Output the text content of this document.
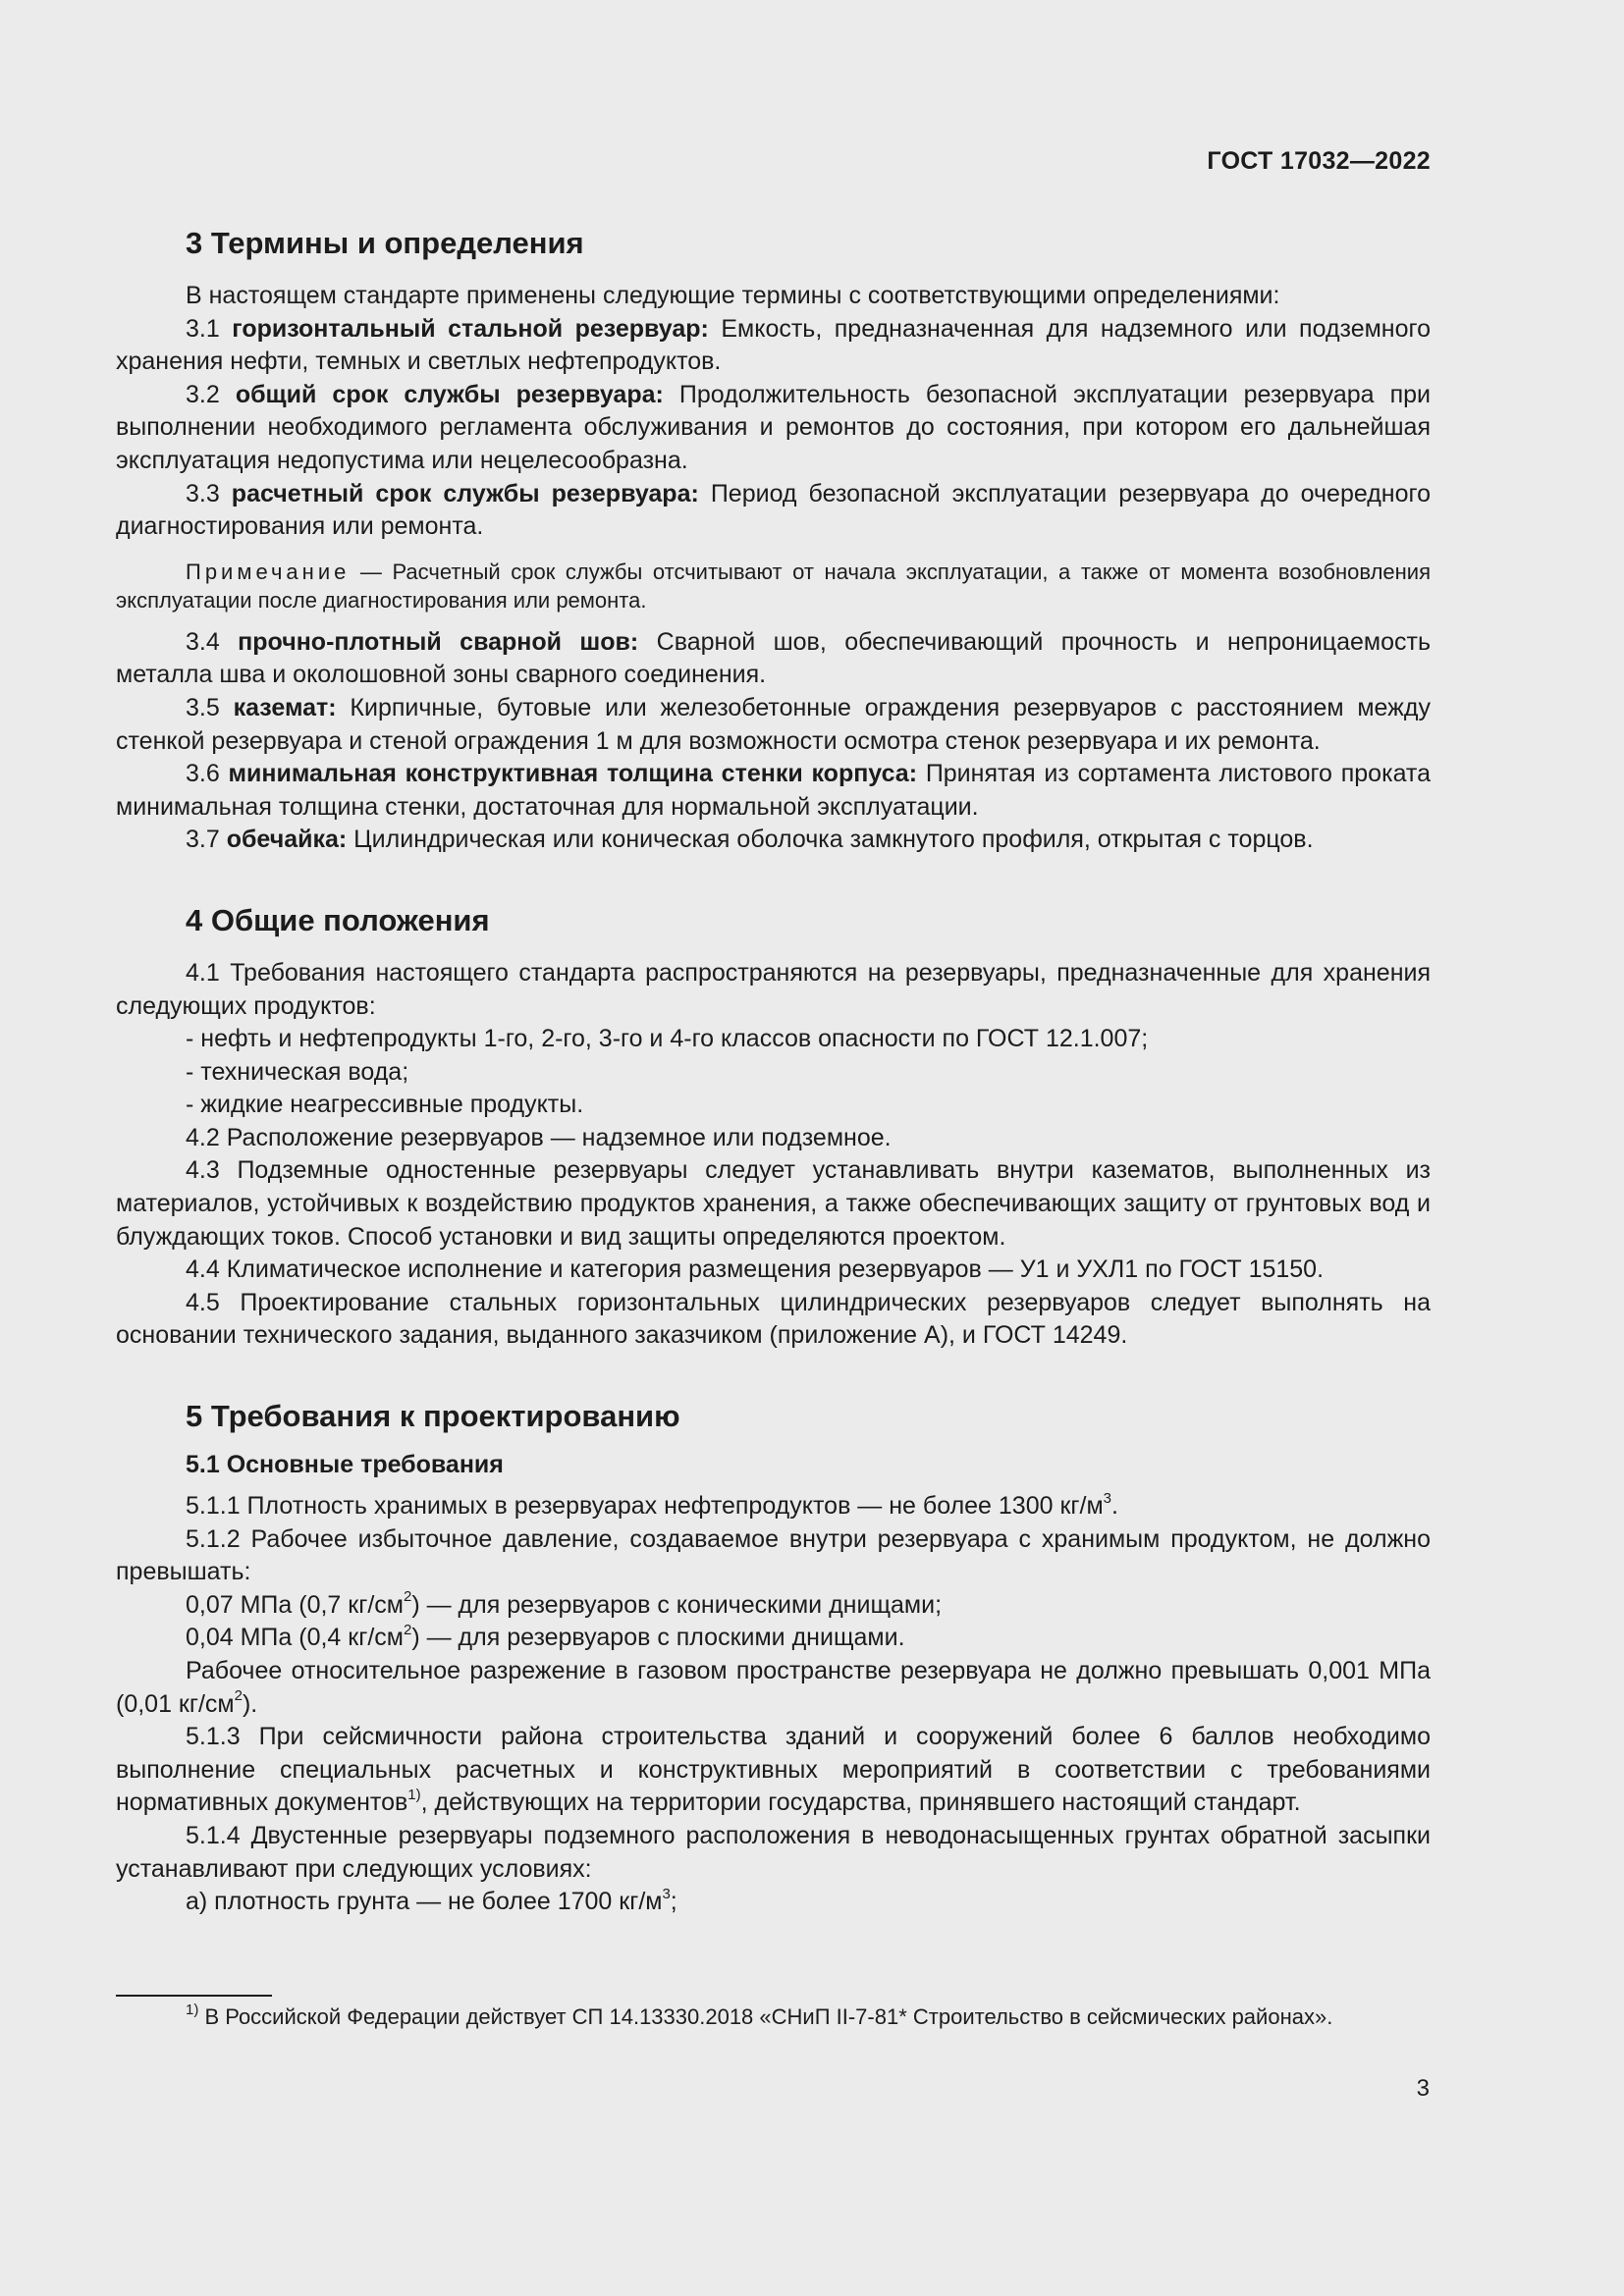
ГОСТ 17032—2022
3 Термины и определения

В настоящем стандарте применены следующие термины с соответствующими определениями:

3.1 горизонтальный стальной резервуар: Емкость, предназначенная для надземного или подземного хранения нефти, темных и светлых нефтепродуктов.

3.2 общий срок службы резервуара: Продолжительность безопасной эксплуатации резервуара при выполнении необходимого регламента обслуживания и ремонтов до состояния, при котором его дальнейшая эксплуатация недопустима или нецелесообразна.

3.3 расчетный срок службы резервуара: Период безопасной эксплуатации резервуара до очередного диагностирования или ремонта.

Примечание — Расчетный срок службы отсчитывают от начала эксплуатации, а также от момента возобновления эксплуатации после диагностирования или ремонта.

3.4 прочно-плотный сварной шов: Сварной шов, обеспечивающий прочность и непроницаемость металла шва и околошовной зоны сварного соединения.

3.5 каземат: Кирпичные, бутовые или железобетонные ограждения резервуаров с расстоянием между стенкой резервуара и стеной ограждения 1 м для возможности осмотра стенок резервуара и их ремонта.

3.6 минимальная конструктивная толщина стенки корпуса: Принятая из сортамента листового проката минимальная толщина стенки, достаточная для нормальной эксплуатации.

3.7 обечайка: Цилиндрическая или коническая оболочка замкнутого профиля, открытая с торцов.

4 Общие положения

4.1 Требования настоящего стандарта распространяются на резервуары, предназначенные для хранения следующих продуктов:

- нефть и нефтепродукты 1-го, 2-го, 3-го и 4-го классов опасности по ГОСТ 12.1.007;

- техническая вода;

- жидкие неагрессивные продукты.

4.2 Расположение резервуаров — надземное или подземное.

4.3 Подземные одностенные резервуары следует устанавливать внутри казематов, выполненных из материалов, устойчивых к воздействию продуктов хранения, а также обеспечивающих защиту от грунтовых вод и блуждающих токов. Способ установки и вид защиты определяются проектом.

4.4 Климатическое исполнение и категория размещения резервуаров — У1 и УХЛ1 по ГОСТ 15150.

4.5 Проектирование стальных горизонтальных цилиндрических резервуаров следует выполнять на основании технического задания, выданного заказчиком (приложение А), и ГОСТ 14249.

5 Требования к проектированию
5.1 Основные требования

5.1.1 Плотность хранимых в резервуарах нефтепродуктов — не более 1300 $кг/м^3$.

5.1.2 Рабочее избыточное давление, создаваемое внутри резервуара с хранимым продуктом, не должно превышать:

0,07 МПа (0,7 $кг/см^2$) — для резервуаров с коническими днищами;

0,04 МПа (0,4 $кг/см^2$) — для резервуаров с плоскими днищами.

Рабочее относительное разрежение в газовом пространстве резервуара не должно превышать 0,001 МПа (0,01 $кг/см^2$).

5.1.3 При сейсмичности района строительства зданий и сооружений более 6 баллов необходимо выполнение специальных расчетных и конструктивных мероприятий в соответствии с требованиями нормативных документов$^{1)}$, действующих на территории государства, принявшего настоящий стандарт.

5.1.4 Двустенные резервуары подземного расположения в неводонасыщенных грунтах обратной засыпки устанавливают при следующих условиях:

а) плотность грунта — не более 1700 $кг/м^3$;

$^{1)}$ В Российской Федерации действует СП 14.13330.2018 «СНиП II-7-81* Строительство в сейсмических районах».

3
